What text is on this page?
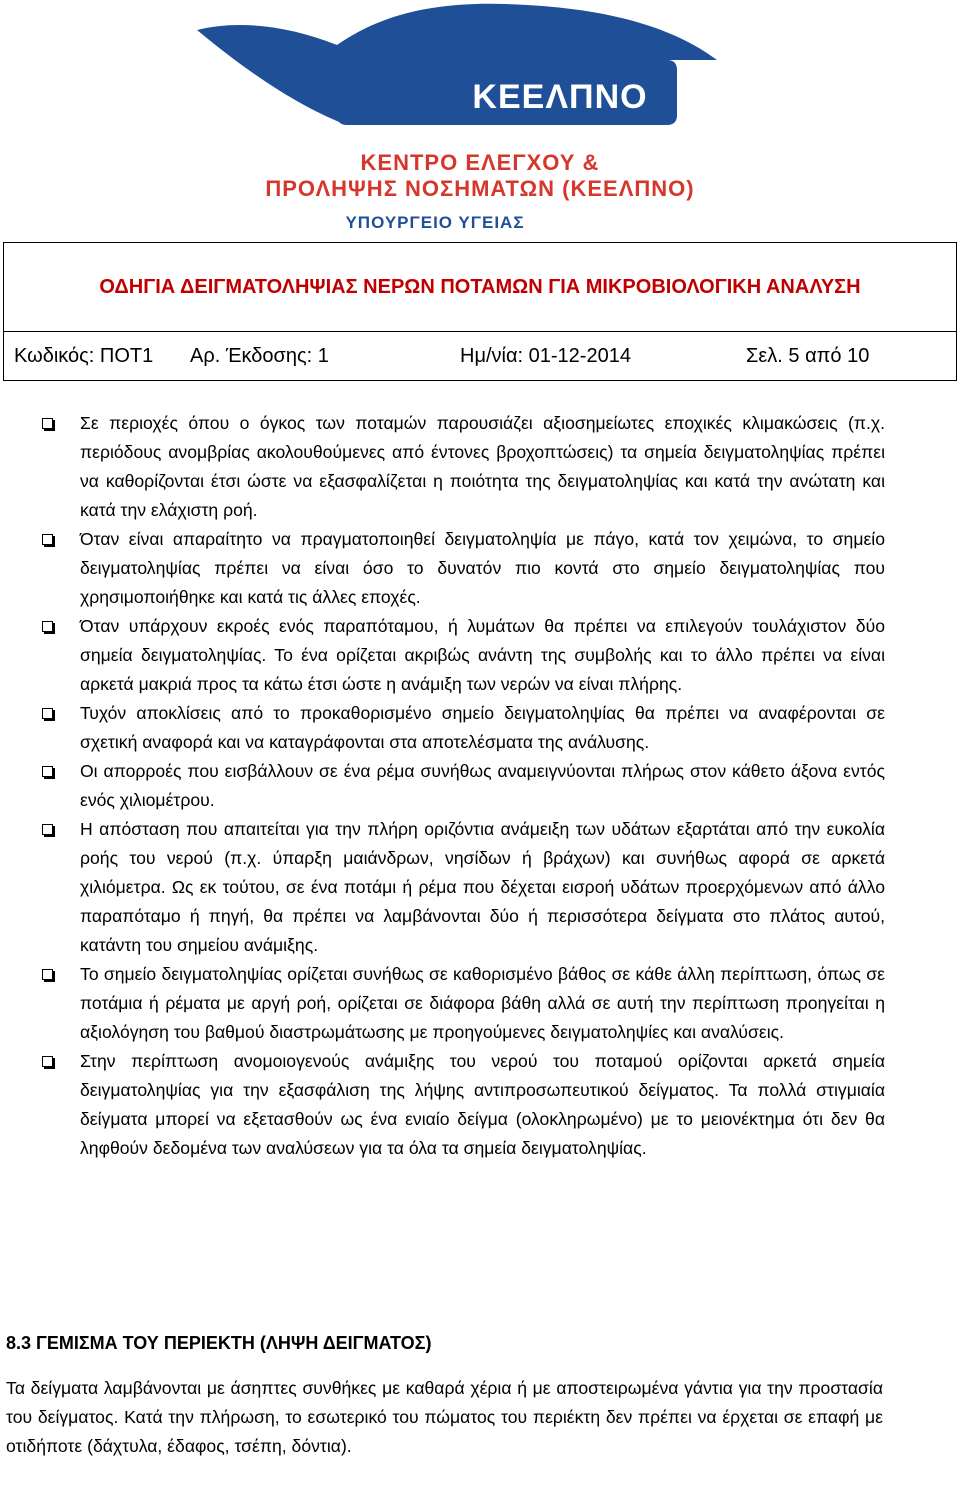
ΚΕΕΛΠΝΟ
ΚΕΝΤΡΟ ΕΛΕΓΧΟΥ &
ΠΡΟΛΗΨΗΣ ΝΟΣΗΜΑΤΩΝ (ΚΕΕΛΠΝΟ)
ΥΠΟΥΡΓΕΙΟ ΥΓΕΙΑΣ
ΟΔΗΓΙΑ ΔΕΙΓΜΑΤΟΛΗΨΙΑΣ ΝΕΡΩΝ ΠΟΤΑΜΩΝ ΓΙΑ ΜΙΚΡΟΒΙΟΛΟΓΙΚΗ ΑΝΑΛΥΣΗ

Κωδικός: ΠΟΤ1	Αρ. Έκδοσης: 1	Ημ/νία: 01-12-2014	Σελ. 5 από 10
Σε περιοχές όπου ο όγκος των ποταμών παρουσιάζει αξιοσημείωτες εποχικές κλιμακώσεις (π.χ. περιόδους ανομβρίας ακολουθούμενες από έντονες βροχοπτώσεις) τα σημεία δειγματοληψίας πρέπει να καθορίζονται έτσι ώστε να εξασφαλίζεται η ποιότητα της δειγματοληψίας και κατά την ανώτατη και κατά την ελάχιστη ροή.
Όταν είναι απαραίτητο να πραγματοποιηθεί δειγματοληψία με πάγο, κατά τον χειμώνα, το σημείο δειγματοληψίας πρέπει να είναι όσο το δυνατόν πιο κοντά στο σημείο δειγματοληψίας που χρησιμοποιήθηκε και κατά τις άλλες εποχές.
Όταν υπάρχουν εκροές ενός παραπόταμου, ή λυμάτων θα πρέπει να επιλεγούν τουλάχιστον δύο σημεία δειγματοληψίας. Το ένα ορίζεται ακριβώς ανάντη της συμβολής και το άλλο πρέπει να είναι αρκετά μακριά προς τα κάτω έτσι ώστε η ανάμιξη των νερών να είναι πλήρης.
Τυχόν αποκλίσεις από το προκαθορισμένο σημείο δειγματοληψίας θα πρέπει να αναφέρονται σε σχετική αναφορά και να καταγράφονται στα αποτελέσματα της ανάλυσης.
Οι απορροές που εισβάλλουν σε ένα ρέμα συνήθως αναμειγνύονται πλήρως στον κάθετο άξονα εντός ενός χιλιομέτρου.
Η απόσταση που απαιτείται για την πλήρη οριζόντια ανάμειξη των υδάτων εξαρτάται από την ευκολία ροής του νερού (π.χ. ύπαρξη μαιάνδρων, νησίδων ή βράχων) και συνήθως αφορά σε αρκετά χιλιόμετρα. Ως εκ τούτου, σε ένα ποτάμι ή ρέμα που δέχεται εισροή υδάτων προερχόμενων από άλλο παραπόταμο ή πηγή, θα πρέπει να λαμβάνονται δύο ή περισσότερα δείγματα στο πλάτος αυτού, κατάντη του σημείου ανάμιξης.
Το σημείο δειγματοληψίας ορίζεται συνήθως σε καθορισμένο βάθος σε κάθε άλλη περίπτωση, όπως σε ποτάμια ή ρέματα με αργή ροή, ορίζεται σε διάφορα βάθη αλλά σε αυτή την περίπτωση προηγείται η αξιολόγηση του βαθμού διαστρωμάτωσης με προηγούμενες δειγματοληψίες και αναλύσεις.
Στην περίπτωση ανομοιογενούς ανάμιξης του νερού του ποταμού ορίζονται αρκετά σημεία δειγματοληψίας για την εξασφάλιση της λήψης αντιπροσωπευτικού δείγματος. Τα πολλά στιγμιαία δείγματα μπορεί να εξετασθούν ως ένα ενιαίο δείγμα (ολοκληρωμένο) με το μειονέκτημα ότι δεν θα ληφθούν δεδομένα των αναλύσεων για τα όλα τα σημεία δειγματοληψίας.
8.3 ΓΕΜΙΣΜΑ ΤΟΥ ΠΕΡΙΕΚΤΗ (ΛΗΨΗ ΔΕΙΓΜΑΤΟΣ)

Τα δείγματα λαμβάνονται με άσηπτες συνθήκες με καθαρά χέρια ή με αποστειρωμένα γάντια για την προστασία του δείγματος. Κατά την πλήρωση, το εσωτερικό του πώματος του περιέκτη δεν πρέπει να έρχεται σε επαφή με οτιδήποτε (δάχτυλα, έδαφος, τσέπη, δόντια).
